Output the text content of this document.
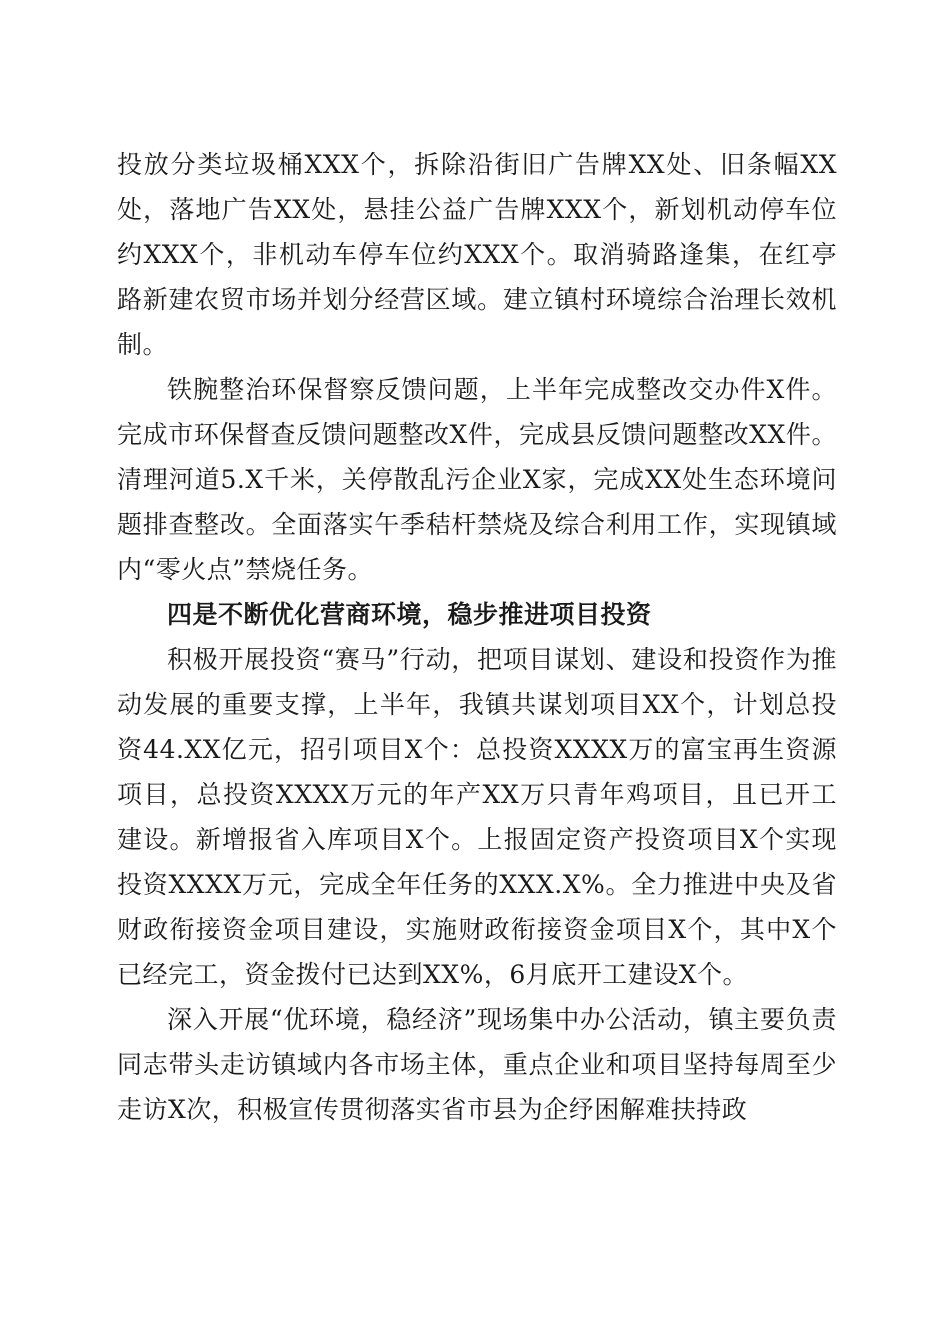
投放分类垃圾桶XXX个，拆除沿街旧广告牌XX处、旧条幅XX处，落地广告XX处，悬挂公益广告牌XXX个，新划机动停车位约XXX个，非机动车停车位约XXX个。取消骑路逢集，在红亭路新建农贸市场并划分经营区域。建立镇村环境综合治理长效机制。

铁腕整治环保督察反馈问题，上半年完成整改交办件X件。完成市环保督查反馈问题整改X件，完成县反馈问题整改XX件。清理河道5.X千米，关停散乱污企业X家，完成XX处生态环境问题排查整改。全面落实午季秸杆禁烧及综合利用工作，实现镇域内“零火点”禁烧任务。

四是不断优化营商环境，稳步推进项目投资

积极开展投资“赛马”行动，把项目谋划、建设和投资作为推动发展的重要支撑，上半年，我镇共谋划项目XX个，计划总投资44.XX亿元，招引项目X个：总投资XXXX万的富宝再生资源项目，总投资XXXX万元的年产XX万只青年鸡项目，且已开工建设。新增报省入库项目X个。上报固定资产投资项目X个实现投资XXXX万元，完成全年任务的XXX.X%。全力推进中央及省财政衔接资金项目建设，实施财政衔接资金项目X个，其中X个已经完工，资金拨付已达到XX%，6月底开工建设X个。

深入开展“优环境，稳经济”现场集中办公活动，镇主要负责同志带头走访镇域内各市场主体，重点企业和项目坚持每周至少走访X次，积极宣传贯彻落实省市县为企纾困解难扶持政
